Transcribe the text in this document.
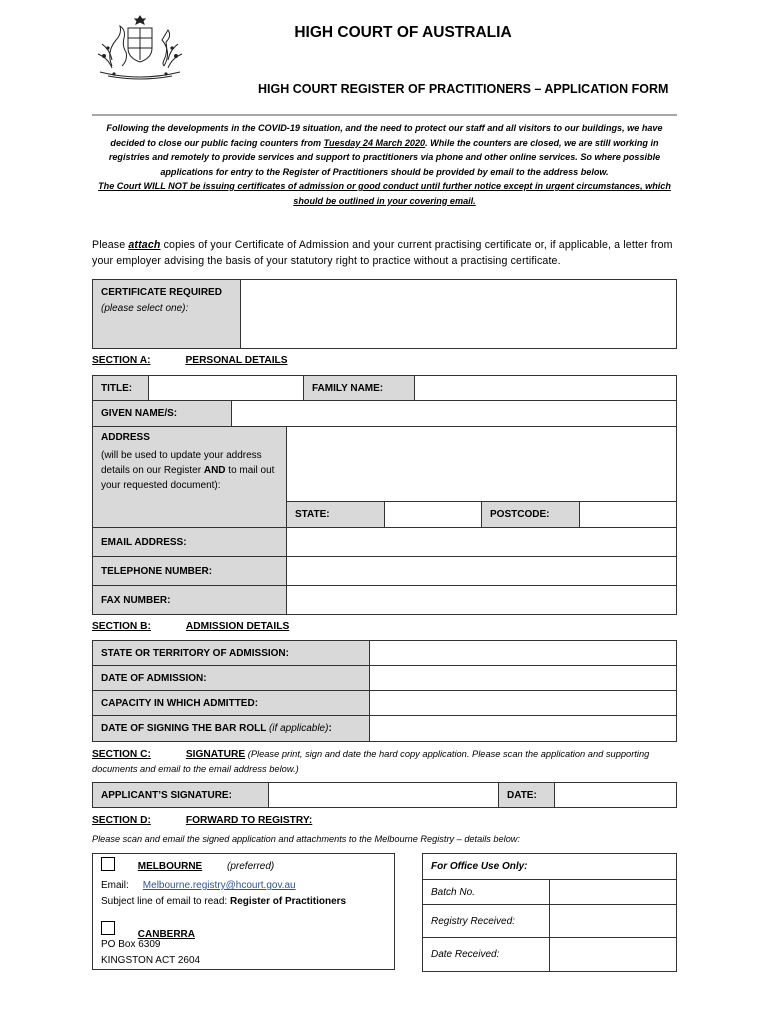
HIGH COURT OF AUSTRALIA
HIGH COURT REGISTER OF PRACTITIONERS – APPLICATION FORM
Following the developments in the COVID-19 situation, and the need to protect our staff and all visitors to our buildings, we have decided to close our public facing counters from Tuesday 24 March 2020. While the counters are closed, we are still working in registries and remotely to provide services and support to practitioners via phone and other online services. So where possible applications for entry to the Register of Practitioners should be provided by email to the address below.
The Court WILL NOT be issuing certificates of admission or good conduct until further notice except in urgent circumstances, which should be outlined in your covering email.
Please attach copies of your Certificate of Admission and your current practising certificate or, if applicable, a letter from your employer advising the basis of your statutory right to practice without a practising certificate.
CERTIFICATE REQUIRED
(please select one):

SECTION A:	PERSONAL DETAILS
TITLE:		FAMILY NAME:	
GIVEN NAME/S:	
ADDRESS
(will be used to update your address details on our Register AND to mail out your requested document):				

	STATE:		POSTCODE:	
EMAIL ADDRESS:	
TELEPHONE NUMBER:	
FAX NUMBER:	
SECTION B:	ADMISSION DETAILS
STATE OR TERRITORY OF ADMISSION:	
DATE OF ADMISSION:	
CAPACITY IN WHICH ADMITTED:	
DATE OF SIGNING THE BAR ROLL (if applicable):	
SECTION C:	SIGNATURE (Please print, sign and date the hard copy application. Please scan the application and supporting documents and email to the email address below.)
APPLICANT’S SIGNATURE:		DATE:	
SECTION D:	FORWARD TO REGISTRY:
Please scan and email the signed application and attachments to the Melbourne Registry – details below:
MELBOURNE (preferred)
Email: Melbourne.registry@hcourt.gov.au
Subject line of email to read: Register of Practitioners
CANBERRA
PO Box 6309
KINGSTON ACT 2604
For Office Use Only:	
Batch No.	
Registry Received:	
Date Received:	
